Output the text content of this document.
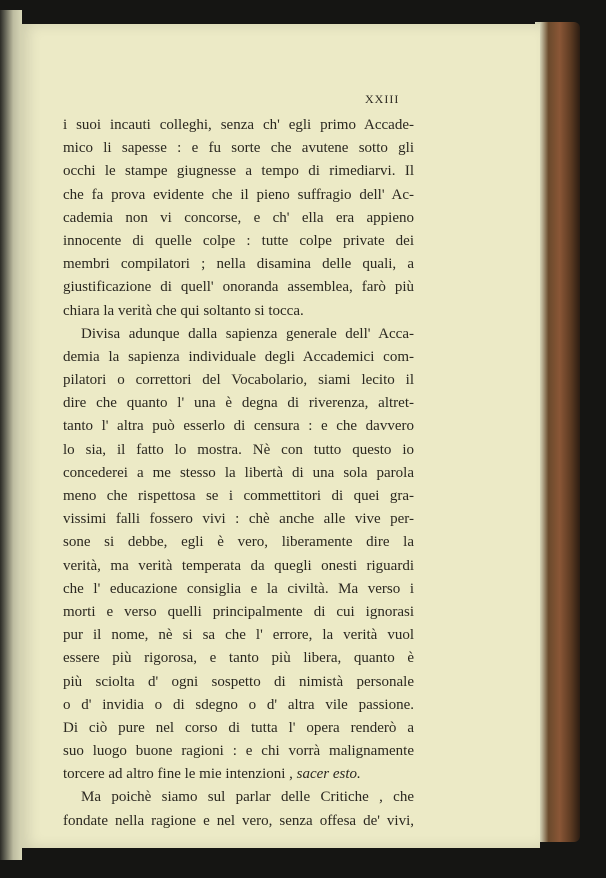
XXIII
i suoi incauti colleghi, senza ch' egli primo Accade-
mico li sapesse : e fu sorte che avutene sotto gli
occhi le stampe giugnesse a tempo di rimediarvi. Il
che fa prova evidente che il pieno suffragio dell' Ac-
cademia non vi concorse, e ch' ella era appieno
innocente di quelle colpe : tutte colpe private dei
membri compilatori ; nella disamina delle quali, a
giustificazione di quell' onoranda assemblea, farò più
chiara la verità che qui soltanto si tocca.
Divisa adunque dalla sapienza generale dell' Acca-
demia la sapienza individuale degli Accademici com-
pilatori o correttori del Vocabolario, siami lecito il
dire che quanto l' una è degna di riverenza, altret-
tanto l' altra può esserlo di censura : e che davvero
lo sia, il fatto lo mostra. Nè con tutto questo io
concederei a me stesso la libertà di una sola parola
meno che rispettosa se i commettitori di quei gra-
vissimi falli fossero vivi : chè anche alle vive per-
sone si debbe, egli è vero, liberamente dire la
verità, ma verità temperata da quegli onesti riguardi
che l' educazione consiglia e la civiltà. Ma verso i
morti e verso quelli principalmente di cui ignorasi
pur il nome, nè si sa che l' errore, la verità vuol
essere più rigorosa, e tanto più libera, quanto è
più sciolta d' ogni sospetto di nimistà personale
o d' invidia o di sdegno o d' altra vile passione.
Di ciò pure nel corso di tutta l' opera renderò a
suo luogo buone ragioni : e chi vorrà malignamente
torcere ad altro fine le mie intenzioni , sacer esto.
Ma poichè siamo sul parlar delle Critiche , che
fondate nella ragione e nel vero, senza offesa de' vivi,
